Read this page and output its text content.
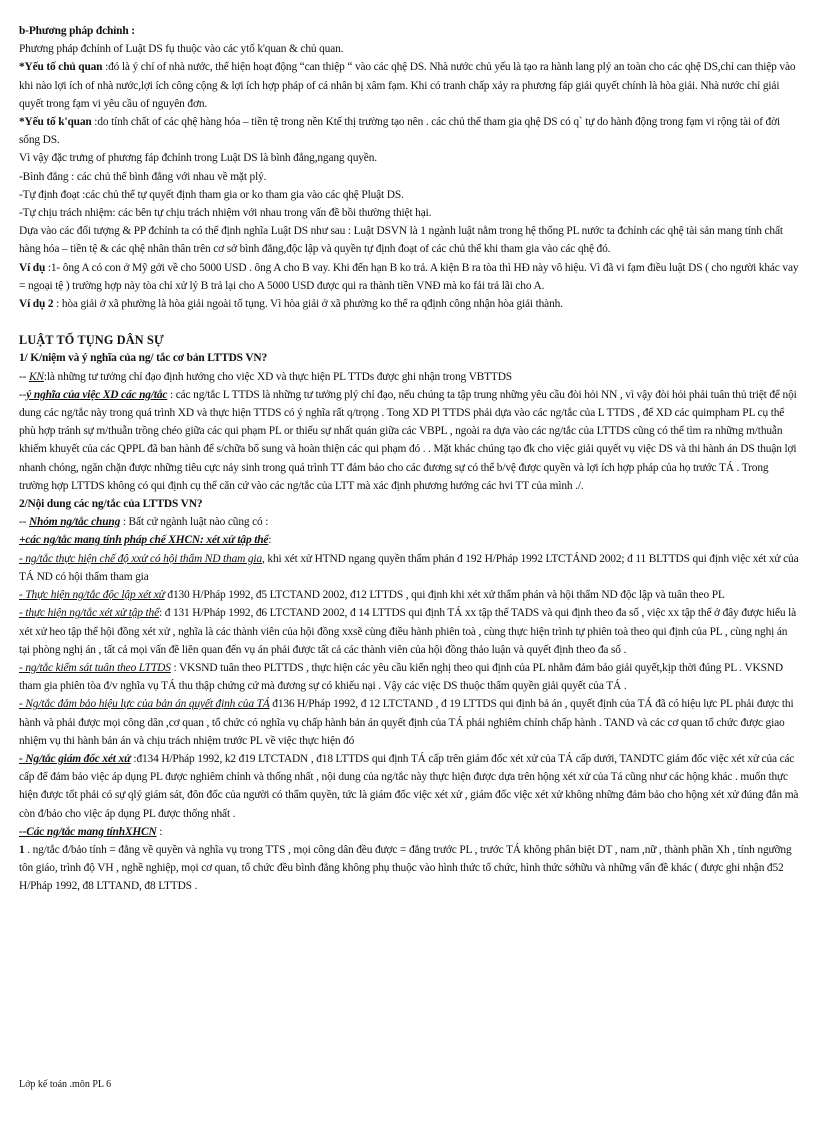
b-Phương pháp đchỉnh :

Phương pháp đchỉnh of Luật DS fụ thuộc vào các ytố k'quan & chủ quan.

*Yếu tố chủ quan :đó là ý chí of nhà nước, thể hiện hoạt động “can thiệp “ vào các qhệ DS. Nhà nước chủ yếu là tạo ra hành lang plý an toàn cho các qhệ DS,chỉ can thiệp vào khi nào lợi ích of nhà nước,lợi ích công cộng & lợi ích hợp pháp of cá nhân bị xâm fạm. Khi có tranh chấp xảy ra phương fáp giải quyết chính là hòa giải. Nhà nước chỉ giải quyết trong fạm vi yêu cầu of nguyên đơn.

*Yếu tố k'quan :do tính chất of các qhệ hàng hóa – tiền tệ trong nền Ktế thị trường tạo nên . các chủ thể tham gia qhệ DS có q` tự do hành động trong fạm vi rộng tài of đời sống DS.

Vì vậy đặc trưng of phương fáp đchỉnh trong Luật DS là bình đẳng,ngang quyền.

-Bình đẳng : các chủ thể bình đẳng với nhau về mặt plý.

-Tự định đoạt :các chủ thể tự quyết định tham gia or ko tham gia vào các qhệ Pluật DS.

-Tự chịu trách nhiệm: các bên tự chịu trách nhiệm với nhau trong vấn đề bồi thường thiệt hại.

Dựa vào các đối tượng & PP đchỉnh ta có thể định nghĩa Luật DS như sau : Luật DSVN là 1 ngành luật nằm trong hệ thống PL nước ta đchỉnh các qhệ tài sản mang tính chất hàng hóa – tiền tệ & các qhệ nhân thân trên cơ sở bình đẳng,độc lập và quyền tự định đoạt of các chủ thể khi tham gia vào các qhệ đó.

Ví dụ :1- ông A có con ở Mỹ gởi về cho 5000 USD . ông A cho B vay. Khi đến hạn B ko trả. A kiện B ra tòa thì HĐ này vô hiệu. Vì đã vi fạm điều luật DS ( cho người khác vay = ngoại tệ ) trường hợp này tòa chỉ xử lý B trả lại cho A 5000 USD được qui ra thành tiền VNĐ mà ko fải trả lãi cho A.

Ví dụ 2 : hòa giải ở xã phường là hòa giải ngoài tố tụng. Vì hòa giải ở xã phường ko thể ra qđịnh công nhận hòa giải thành.

LUẬT TỐ TỤNG DÂN SỰ

1/ K/niệm và ý nghĩa của ng/ tắc cơ bản LTTDS VN?

-- KN:là những tư tưởng chỉ đạo định hướng cho việc XD và thực hiện PL TTDs được ghi nhận trong VBTTDS

--ý nghĩa của việc XD các ng/tắc : các ng/tắc L TTDS là những tư tưởng plý chỉ đạo, nếu chúng ta tập trung những yêu cầu đòi hỏi NN , vì vậy đòi hỏi phải tuân thủ triệt để nội dung các ng/tắc này trong quá trình XD và thực hiện TTDS có ý nghĩa rất q/trọng . Tong XD Pl TTDS phải dựa vào các ng/tắc của L TTDS , để XD các quimpham PL cụ thể phù hợp tránh sự m/thuẫn trồng chéo giữa các qui phạm PL or thiếu sự nhất quán giữa các VBPL , ngoài ra dựa vào các ng/tắc của LTTDS cũng có thể tìm ra những m/thuẫn khiếm khuyết của các QPPL đã ban hành để s/chữa bổ sung và hoàn thiện các qui phạm đó . . Mặt khác chúng tạo đk cho việc giải quyết vụ việc DS và thi hành án DS thuận lợi nhanh chóng, ngăn chặn được những tiêu cực nảy sinh trong quá trình TT đảm bảo cho các đương sự có thể b/vệ được quyền và lợi ích hợp pháp của họ trước TÁ . Trong trường hợp LTTDS không có qui định cụ thể căn cứ vào các ng/tắc của LTT mà xác định phương hướng các hvi TT của mình ./.

2/Nội dung các ng/tắc của LTTDS VN?

-- Nhóm ng/tắc chung : Bất cứ ngành luật nào cũng có :

+các ng/tắc mang tính pháp chế XHCN: xét xử tập thể:

- ng/tắc thực hiện chế độ xxử có hội thẩm ND tham gia, khi xét xử HTND ngang quyền thẩm phán đ 192 H/Pháp 1992 LTCTÁND 2002; đ 11 BLTTDS qui định việc xét xử của TÁ ND có hội thẩm tham gia

- Thực hiện ng/tắc độc lập xét xử đ130 H/Pháp 1992, đ5 LTCTAND 2002, đ12 LTTDS , qui định khi xét xử thẩm phán và hội thẩm ND độc lập và tuân theo PL

- thực hiện ng/tắc xét xử tập thể: đ 131 H/Pháp 1992, đ6 LTCTAND 2002, đ 14 LTTDS qui định TÁ xx tập thể TADS và qui định theo đa số , việc xx tập thể ở đây được hiểu là xét xử heo tập thể hội đồng xét xử , nghĩa là các thành viên của hội đồng xxsẽ cùng điều hành phiên toà , cùng thực hiện trình tự phiên toà theo qui định của PL , cùng nghị án tại phòng nghị án , tất cả mọi vấn đề liên quan đến vụ án phải được tất cả các thành viên của hội đồng thảo luận và quyết định theo đa số .

- ng/tắc kiểm sát tuân theo LTTDS : VKSND tuân theo PLTTDS , thực hiện các yêu cầu kiến nghị theo qui định của PL nhằm đảm bảo giải quyết,kịp thời đúng PL . VKSND tham gia phiên tòa đ/v nghĩa vụ TÁ thu thập chứng cứ mà đương sự có khiếu nại . Vậy các việc DS thuộc thẩm quyền giải quyết của TÁ .

- Ng/tắc đảm bảo hiệu lực của bản án quyết định của TÁ đ136 H/Pháp 1992, đ 12 LTCTAND , đ 19 LTTDS qui định bả án , quyết định của TÁ đã có hiệu lực PL phải được thi hành và phải được mọi công dân ,cơ quan , tổ chức có nghĩa vụ chấp hành bản án quyết định của TÁ phải nghiêm chỉnh chấp hành . TAND và các cơ quan tổ chức được giao nhiệm vụ thi hành bản án và chịu trách nhiệm trước PL về việc thực hiện đó

- Ng/tắc giám đốc xét xử :đ134 H/Pháp 1992, k2 đ19 LTCTADN , đ18 LTTDS qui định TÁ cấp trên giám đốc xét xử của TÁ cấp dưới, TANDTC giám đốc việc xét xử của các cấp để đảm bảo việc áp dụng PL được nghiêm chỉnh và thống nhất , nội dung của ng/tắc này thực hiện được dựa trên hộng xét xử của Tá cũng như các hộng khác . muốn thực hiện được tốt phải có sự qlý giám sát, đôn đốc của người có thẩm quyền, tức là giám đốc việc xét xử , giám đốc việc xét xử không những đảm bảo cho hộng xét xử đúng đắn mà còn đ/bảo cho việc áp dụng PL được thống nhất .

--Các ng/tắc mang tínhXHCN :

1 . ng/tắc đ/bảo tính = đẳng về quyền và nghĩa vụ trong TTS , mọi công dân đều được = đẳng trước PL , trước TÁ không phân biệt DT , nam ,nữ , thành phần Xh , tính ngưỡng tôn giáo, trình độ VH , nghề nghiệp, mọi cơ quan, tổ chức đều bình đẳng không phụ thuộc vào hình thức tổ chức, hình thức sởhữu và những vấn đề khác ( được ghi nhận đ52 H/Pháp 1992, đ8 LTTAND, đ8 LTTDS .

Lớp kế toán .môn PL 6
